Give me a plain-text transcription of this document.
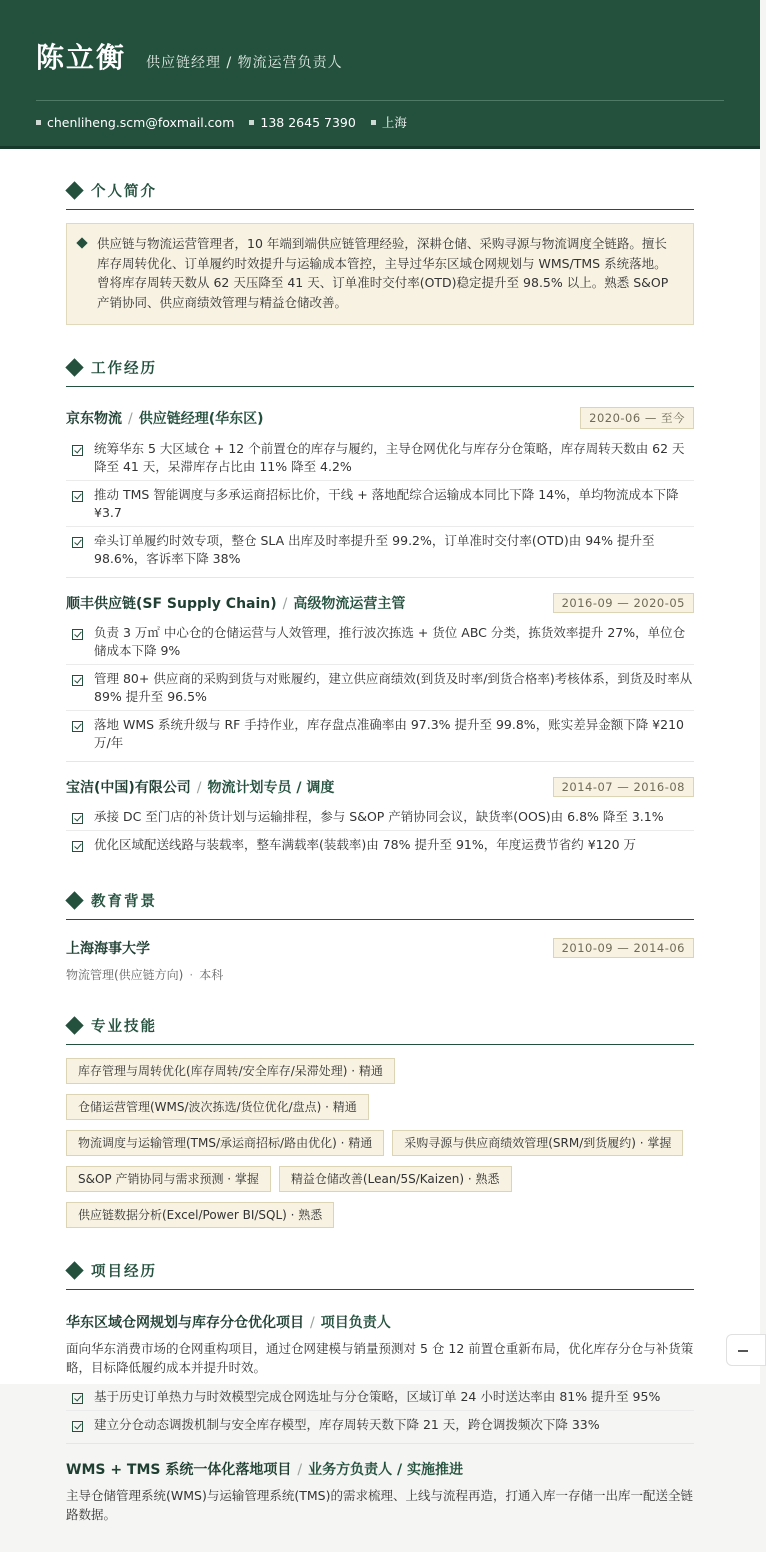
陈立衡 供应链经理 / 物流运营负责人
chenliheng.scm@foxmail.com 138 2645 7390 上海
个人简介
供应链与物流运营管理者，10 年端到端供应链管理经验，深耕仓储、采购寻源与物流调度全链路。擅长库存周转优化、订单履约时效提升与运输成本管控，主导过华东区域仓网规划与 WMS/TMS 系统落地。曾将库存周转天数从 62 天压降至 41 天、订单准时交付率(OTD)稳定提升至 98.5% 以上。熟悉 S&OP 产销协同、供应商绩效管理与精益仓储改善。
工作经历
京东物流 / 供应链经理(华东区)	2020-06 — 至今
统筹华东 5 大区域仓 + 12 个前置仓的库存与履约，主导仓网优化与库存分仓策略，库存周转天数由 62 天降至 41 天，呆滞库存占比由 11% 降至 4.2%
推动 TMS 智能调度与多承运商招标比价，干线 + 落地配综合运输成本同比下降 14%，单均物流成本下降 ¥3.7
牵头订单履约时效专项，整仓 SLA 出库及时率提升至 99.2%，订单准时交付率(OTD)由 94% 提升至 98.6%，客诉率下降 38%
顺丰供应链(SF Supply Chain) / 高级物流运营主管	2016-09 — 2020-05
负责 3 万㎡ 中心仓的仓储运营与人效管理，推行波次拣选 + 货位 ABC 分类，拣货效率提升 27%，单位仓储成本下降 9%
管理 80+ 供应商的采购到货与对账履约，建立供应商绩效(到货及时率/到货合格率)考核体系，到货及时率从 89% 提升至 96.5%
落地 WMS 系统升级与 RF 手持作业，库存盘点准确率由 97.3% 提升至 99.8%，账实差异金额下降 ¥210 万/年
宝洁(中国)有限公司 / 物流计划专员 / 调度	2014-07 — 2016-08
承接 DC 至门店的补货计划与运输排程，参与 S&OP 产销协同会议，缺货率(OOS)由 6.8% 降至 3.1%
优化区域配送线路与装载率，整车满载率(装载率)由 78% 提升至 91%，年度运费节省约 ¥120 万
教育背景
上海海事大学	2010-09 — 2014-06
物流管理(供应链方向) · 本科
专业技能
库存管理与周转优化(库存周转/安全库存/呆滞处理) · 精通
仓储运营管理(WMS/波次拣选/货位优化/盘点) · 精通
物流调度与运输管理(TMS/承运商招标/路由优化) · 精通	采购寻源与供应商绩效管理(SRM/到货履约) · 掌握
S&OP 产销协同与需求预测 · 掌握	精益仓储改善(Lean/5S/Kaizen) · 熟悉
供应链数据分析(Excel/Power BI/SQL) · 熟悉
项目经历
华东区域仓网规划与库存分仓优化项目 / 项目负责人
面向华东消费市场的仓网重构项目，通过仓网建模与销量预测对 5 仓 12 前置仓重新布局，优化库存分仓与补货策略，目标降低履约成本并提升时效。
基于历史订单热力与时效模型完成仓网选址与分仓策略，区域订单 24 小时送达率由 81% 提升至 95%
建立分仓动态调拨机制与安全库存模型，库存周转天数下降 21 天，跨仓调拨频次下降 33%
WMS + TMS 系统一体化落地项目 / 业务方负责人 / 实施推进
主导仓储管理系统(WMS)与运输管理系统(TMS)的需求梳理、上线与流程再造，打通入库一存储一出库一配送全链路数据。
